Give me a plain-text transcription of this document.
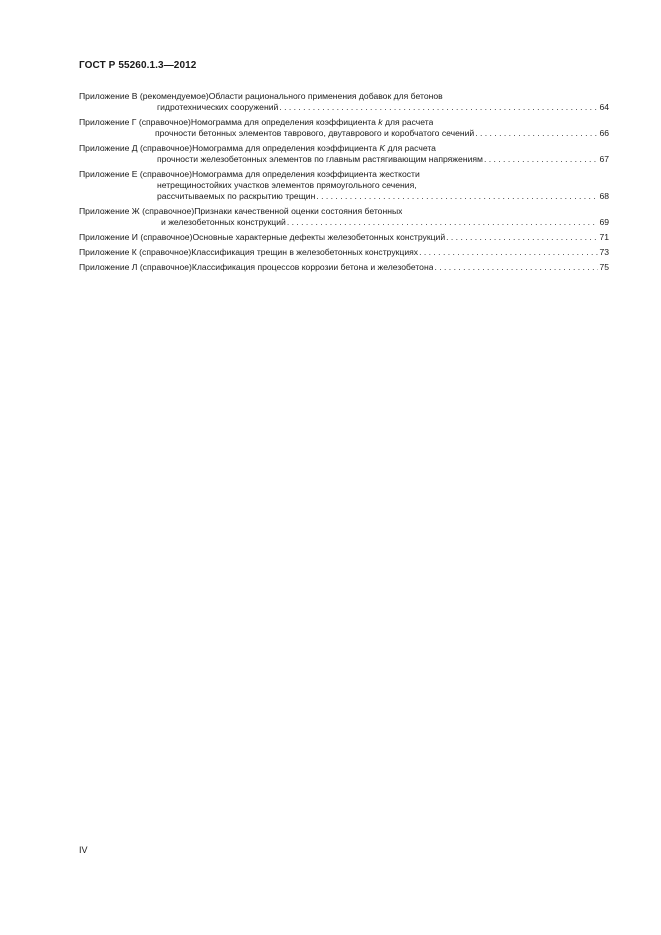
ГОСТ Р 55260.1.3—2012
Приложение В (рекомендуемое) Области рационального применения добавок для бетонов
гидротехнических сооружений . . .	64
Приложение Г (справочное) Номограмма для определения коэффициента k для расчета
прочности бетонных элементов таврового, двутаврового и коробчатого сечений . . .	66
Приложение Д (справочное) Номограмма для определения коэффициента K для расчета
прочности железобетонных элементов по главным растягивающим напряжениям . . .	67
Приложение Е (справочное) Номограмма для определения коэффициента жесткости
нетрещиностойких участков элементов прямоугольного сечения,
рассчитываемых по раскрытию трещин . . .	68
Приложение Ж (справочное) Признаки качественной оценки состояния бетонных
и железобетонных конструкций . . .	69
Приложение И (справочное) Основные характерные дефекты железобетонных конструкций . . .	71
Приложение К (справочное) Классификация трещин в железобетонных конструкциях . . .	73
Приложение Л (справочное) Классификация процессов коррозии бетона и железобетона . . .	75
IV
